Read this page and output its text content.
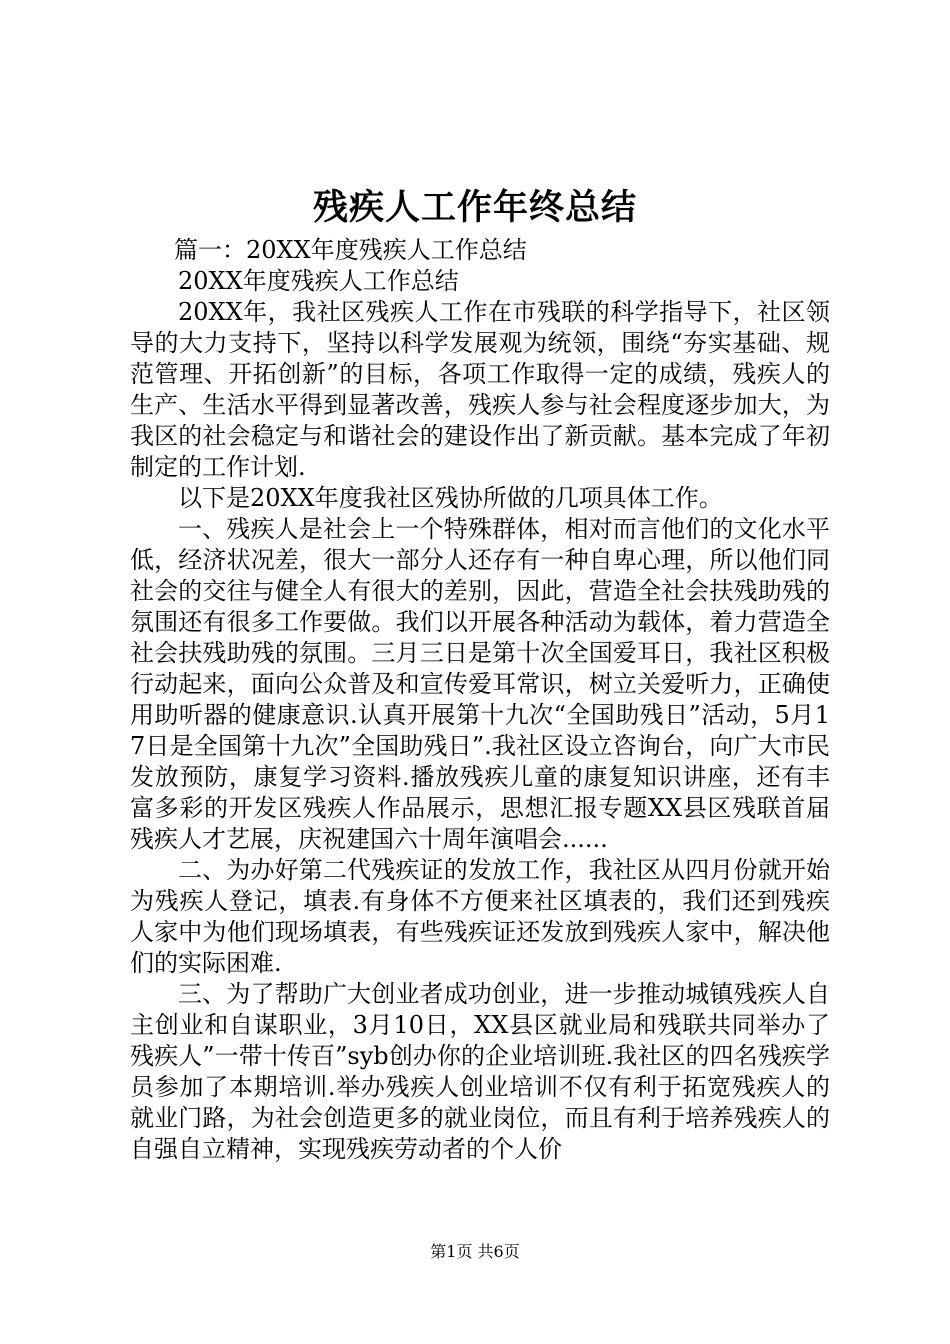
残疾人工作年终总结

篇一：20XX年度残疾人工作总结

20XX年度残疾人工作总结

20XX年，我社区残疾人工作在市残联的科学指导下，社区领导的大力支持下，坚持以科学发展观为统领，围绕“夯实基础、规范管理、开拓创新”的目标，各项工作取得一定的成绩，残疾人的生产、生活水平得到显著改善，残疾人参与社会程度逐步加大，为我区的社会稳定与和谐社会的建设作出了新贡献。基本完成了年初制定的工作计划.

以下是20XX年度我社区残协所做的几项具体工作。

一、残疾人是社会上一个特殊群体，相对而言他们的文化水平低，经济状况差，很大一部分人还存有一种自卑心理，所以他们同社会的交往与健全人有很大的差别，因此，营造全社会扶残助残的氛围还有很多工作要做。我们以开展各种活动为载体，着力营造全社会扶残助残的氛围。三月三日是第十次全国爱耳日，我社区积极行动起来，面向公众普及和宣传爱耳常识，树立关爱听力，正确使用助听器的健康意识.认真开展第十九次“全国助残日”活动，5月17日是全国第十九次”全国助残日”.我社区设立咨询台，向广大市民发放预防，康复学习资料.播放残疾儿童的康复知识讲座，还有丰富多彩的开发区残疾人作品展示，思想汇报专题XX县区残联首届残疾人才艺展，庆祝建国六十周年演唱会......

二、为办好第二代残疾证的发放工作，我社区从四月份就开始为残疾人登记，填表.有身体不方便来社区填表的，我们还到残疾人家中为他们现场填表，有些残疾证还发放到残疾人家中，解决他们的实际困难.

三、为了帮助广大创业者成功创业，进一步推动城镇残疾人自主创业和自谋职业，3月10日，XX县区就业局和残联共同举办了残疾人”一带十传百”syb创办你的企业培训班.我社区的四名残疾学员参加了本期培训.举办残疾人创业培训不仅有利于拓宽残疾人的就业门路，为社会创造更多的就业岗位，而且有利于培养残疾人的自强自立精神，实现残疾劳动者的个人价

第1页 共6页
